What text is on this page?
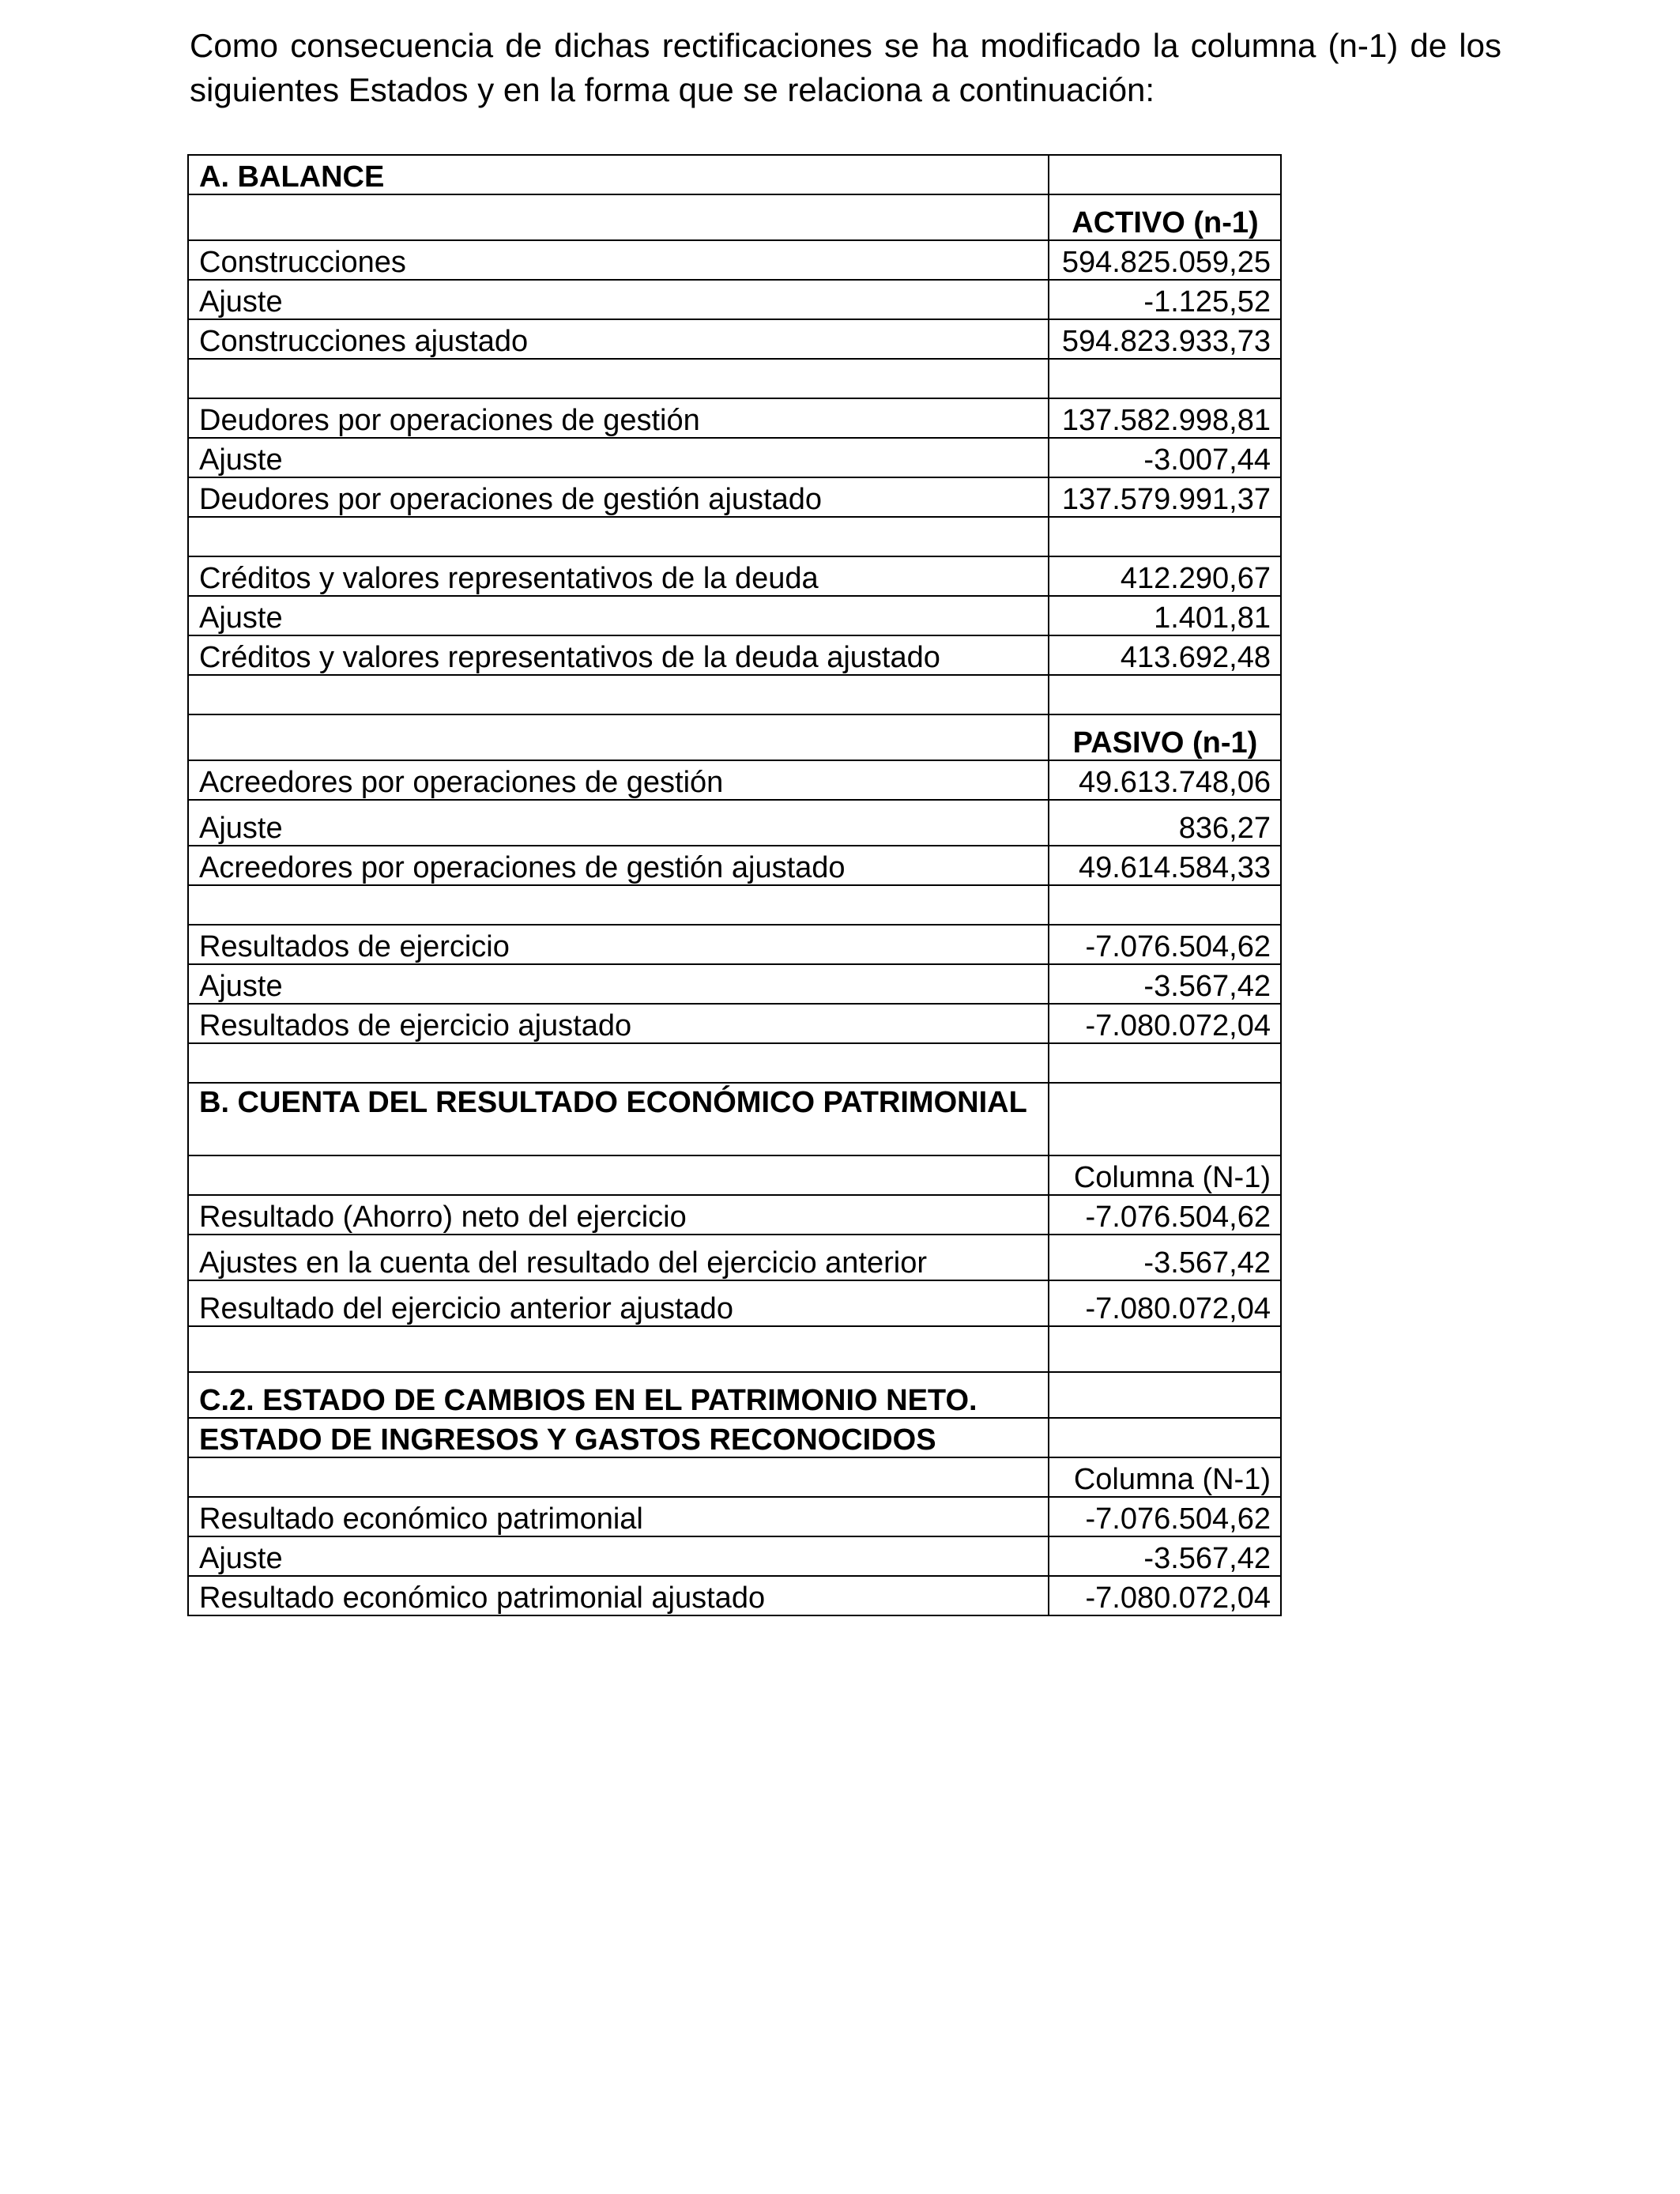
Como consecuencia de dichas rectificaciones se ha modificado la columna (n-1) de los siguientes Estados y en la forma que se relaciona a continuación:

A. BALANCE	
	ACTIVO (n-1)
Construcciones	594.825.059,25
Ajuste	-1.125,52
Construcciones ajustado	594.823.933,73

Deudores por operaciones de gestión	137.582.998,81
Ajuste	-3.007,44
Deudores por operaciones de gestión ajustado	137.579.991,37

Créditos y valores representativos de la deuda	412.290,67
Ajuste	1.401,81
Créditos y valores representativos de la deuda ajustado	413.692,48

	PASIVO (n-1)
Acreedores por operaciones de gestión	49.613.748,06
Ajuste	836,27
Acreedores por operaciones de gestión ajustado	49.614.584,33

Resultados de ejercicio	-7.076.504,62
Ajuste	-3.567,42
Resultados de ejercicio ajustado	-7.080.072,04

B. CUENTA DEL RESULTADO ECONÓMICO PATRIMONIAL	
	Columna (N-1)
Resultado (Ahorro) neto del ejercicio	-7.076.504,62
Ajustes en la cuenta del resultado del ejercicio anterior	-3.567,42
Resultado del ejercicio anterior ajustado	-7.080.072,04

C.2. ESTADO DE CAMBIOS EN EL PATRIMONIO NETO.	
ESTADO DE INGRESOS Y GASTOS RECONOCIDOS	
	Columna (N-1)
Resultado económico patrimonial	-7.076.504,62
Ajuste	-3.567,42
Resultado económico patrimonial ajustado	-7.080.072,04
